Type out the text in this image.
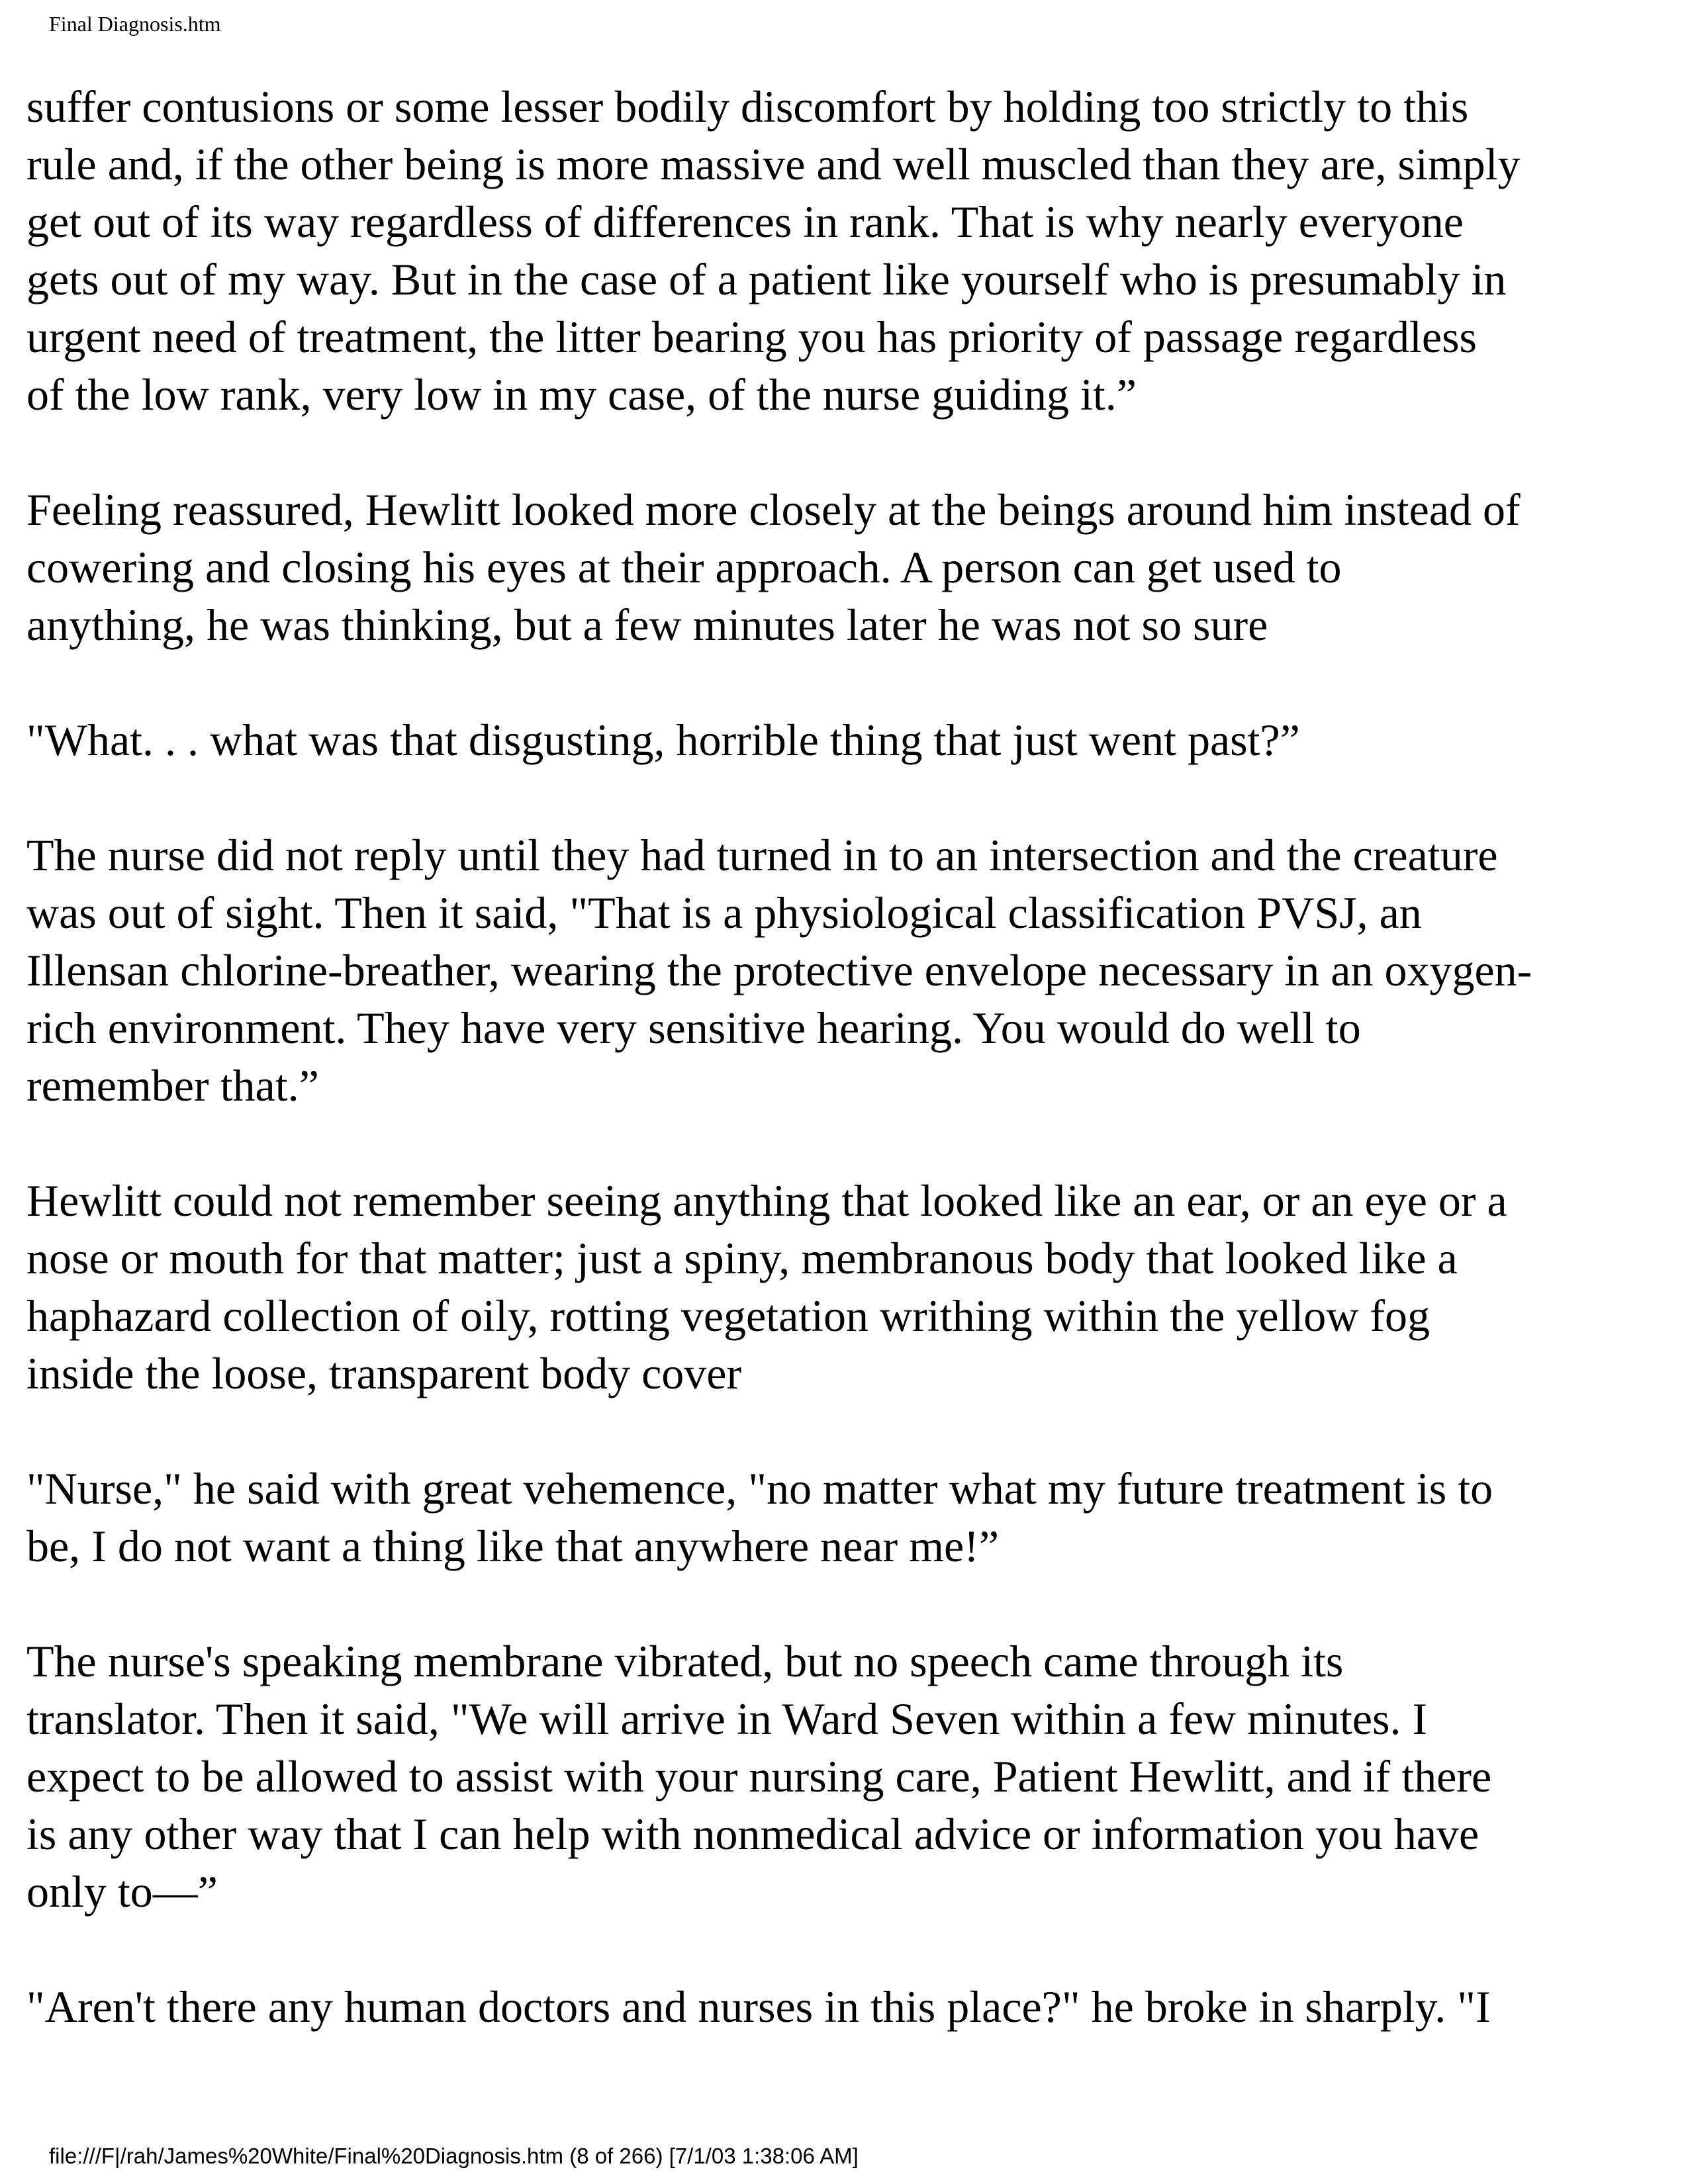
Final Diagnosis.htm

suffer contusions or some lesser bodily discomfort by holding too strictly to this
rule and, if the other being is more massive and well muscled than they are, simply
get out of its way regardless of differences in rank. That is why nearly everyone
gets out of my way. But in the case of a patient like yourself who is presumably in
urgent need of treatment, the litter bearing you has priority of passage regardless
of the low rank, very low in my case, of the nurse guiding it.”

Feeling reassured, Hewlitt looked more closely at the beings around him instead of
cowering and closing his eyes at their approach. A person can get used to
anything, he was thinking, but a few minutes later he was not so sure

"What. . . what was that disgusting, horrible thing that just went past?”

The nurse did not reply until they had turned in to an intersection and the creature
was out of sight. Then it said, "That is a physiological classification PVSJ, an
Illensan chlorine-breather, wearing the protective envelope necessary in an oxygen-
rich environment. They have very sensitive hearing. You would do well to
remember that.”

Hewlitt could not remember seeing anything that looked like an ear, or an eye or a
nose or mouth for that matter; just a spiny, membranous body that looked like a
haphazard collection of oily, rotting vegetation writhing within the yellow fog
inside the loose, transparent body cover

"Nurse," he said with great vehemence, "no matter what my future treatment is to
be, I do not want a thing like that anywhere near me!”

The nurse's speaking membrane vibrated, but no speech came through its
translator. Then it said, "We will arrive in Ward Seven within a few minutes. I
expect to be allowed to assist with your nursing care, Patient Hewlitt, and if there
is any other way that I can help with nonmedical advice or information you have
only to—”

"Aren't there any human doctors and nurses in this place?" he broke in sharply. "I

file:///F|/rah/James%20White/Final%20Diagnosis.htm (8 of 266) [7/1/03 1:38:06 AM]
